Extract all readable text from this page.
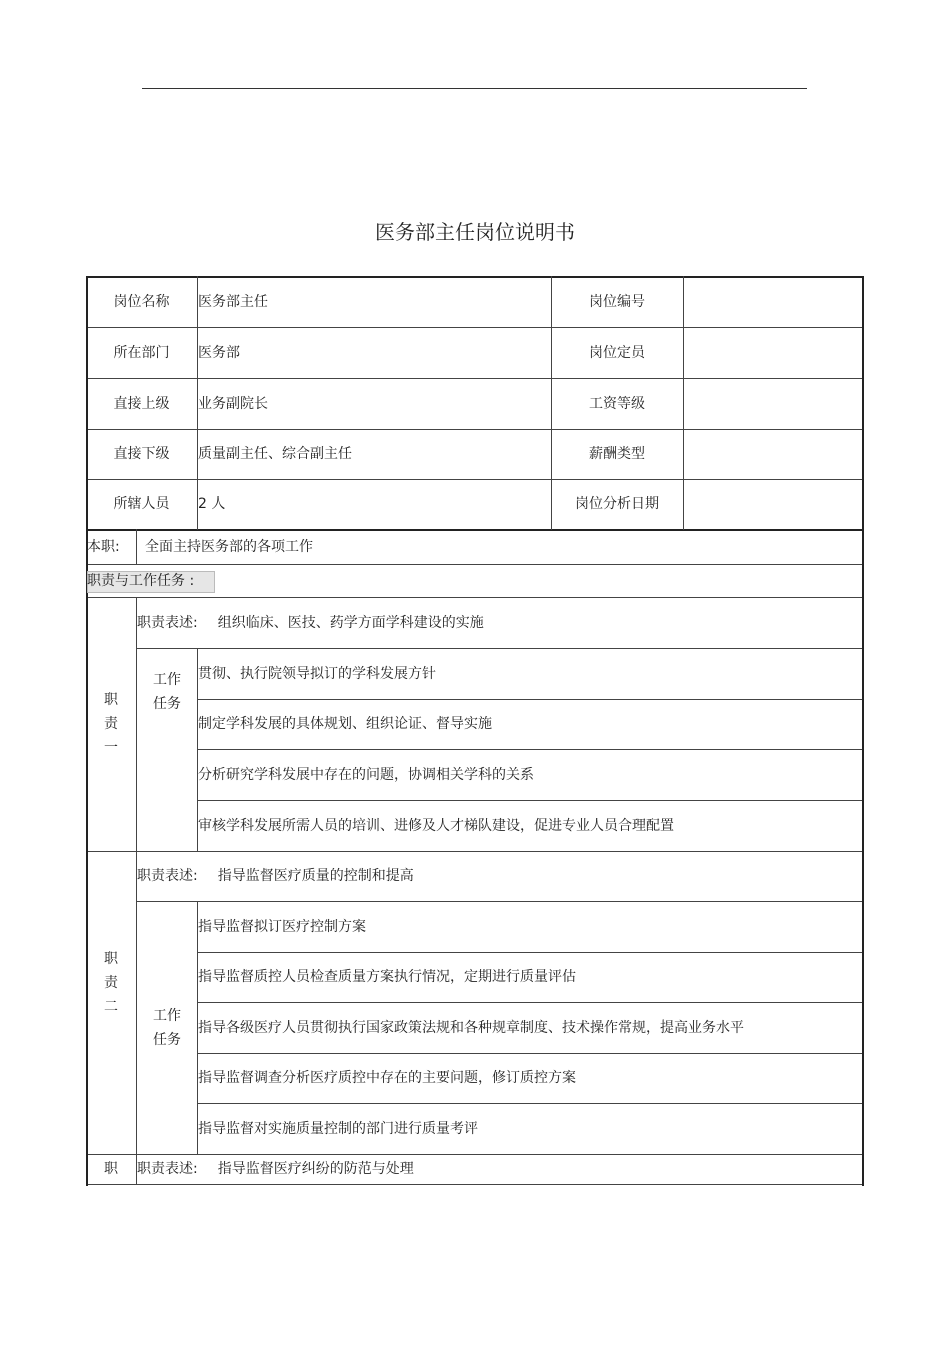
医务部主任岗位说明书
岗位名称	医务部主任	岗位编号
所在部门	医务部	岗位定员
直接上级	业务副院长	工资等级
直接下级	质量副主任、综合副主任	薪酬类型
所辖人员	2 人	岗位分析日期
本职:	全面主持医务部的各项工作
职责与工作任务 :
职
责
一
职责表述: 组织临床、医技、药学方面学科建设的实施
工作
任务
贯彻、执行院领导拟订的学科发展方针
制定学科发展的具体规划、组织论证、督导实施
分析研究学科发展中存在的问题，协调相关学科的关系
审核学科发展所需人员的培训、进修及人才梯队建设，促进专业人员合理配置
职
责
二
职责表述: 指导监督医疗质量的控制和提高
工作
任务
指导监督拟订医疗控制方案
指导监督质控人员检查质量方案执行情况，定期进行质量评估
指导各级医疗人员贯彻执行国家政策法规和各种规章制度、技术操作常规，提高业务水平
指导监督调查分析医疗质控中存在的主要问题，修订质控方案
指导监督对实施质量控制的部门进行质量考评
职	职责表述: 指导监督医疗纠纷的防范与处理
